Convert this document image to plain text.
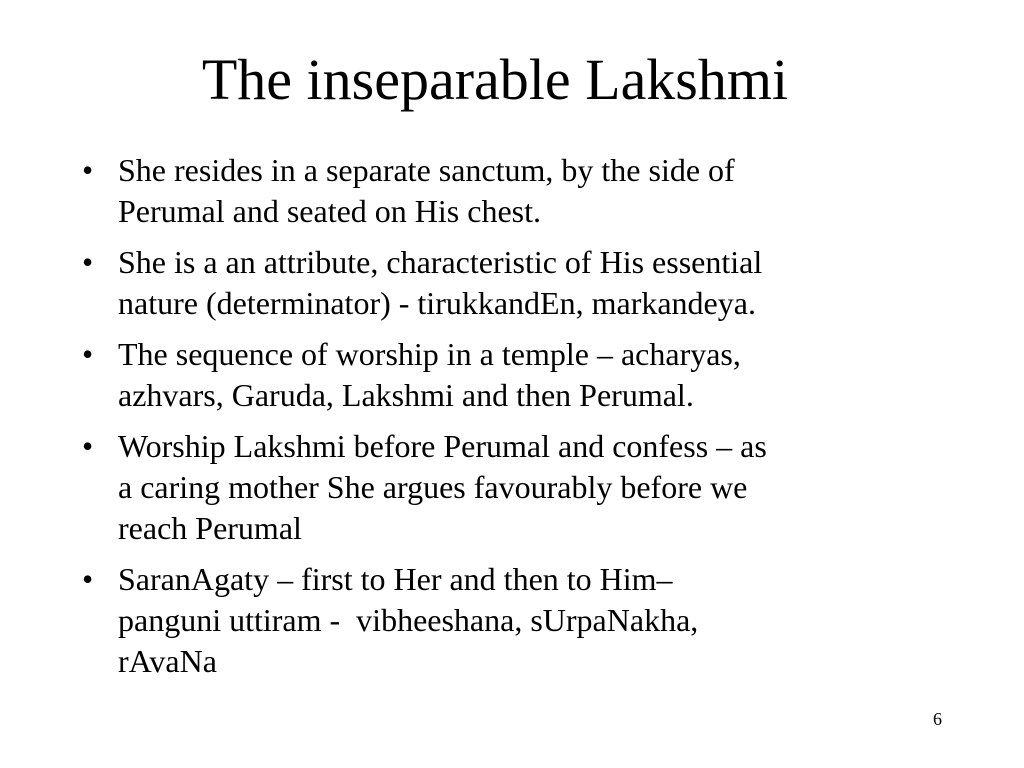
The inseparable Lakshmi
• She resides in a separate sanctum, by the side of
Perumal and seated on His chest.
• She is a an attribute, characteristic of His essential
nature (determinator) - tirukkandEn, markandeya.
• The sequence of worship in a temple – acharyas,
azhvars, Garuda, Lakshmi and then Perumal.
• Worship Lakshmi before Perumal and confess – as
a caring mother She argues favourably before we
reach Perumal
• SaranAgaty – first to Her and then to Him–
panguni uttiram -  vibheeshana, sUrpaNakha,
rAvaNa
6
